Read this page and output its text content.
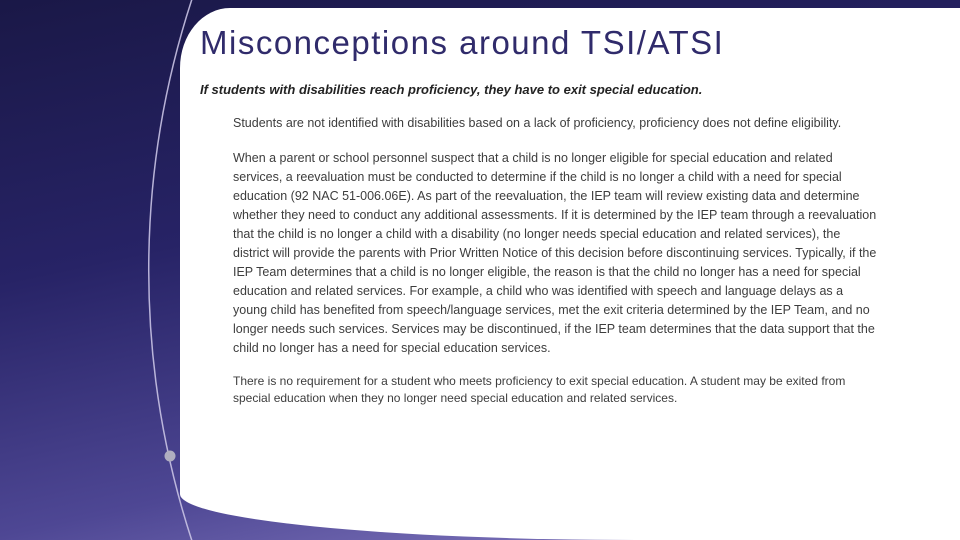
Misconceptions around TSI/ATSI
If students with disabilities reach proficiency, they have to exit special education.
Students are not identified with disabilities based on a lack of proficiency, proficiency does not define eligibility.
When a parent or school personnel suspect that a child is no longer eligible for special education and related services, a reevaluation must be conducted to determine if the child is no longer a child with a need for special education (92 NAC 51-006.06E). As part of the reevaluation, the IEP team will review existing data and determine whether they need to conduct any additional assessments. If it is determined by the IEP team through a reevaluation that the child is no longer a child with a disability (no longer needs special education and related services), the district will provide the parents with Prior Written Notice of this decision before discontinuing services. Typically, if the IEP Team determines that a child is no longer eligible, the reason is that the child no longer has a need for special education and related services. For example, a child who was identified with speech and language delays as a young child has benefited from speech/language services, met the exit criteria determined by the IEP Team, and no longer needs such services. Services may be discontinued, if the IEP team determines that the data support that the child no longer has a need for special education services.
There is no requirement for a student who meets proficiency to exit special education. A student may be exited from special education when they no longer need special education and related services.
